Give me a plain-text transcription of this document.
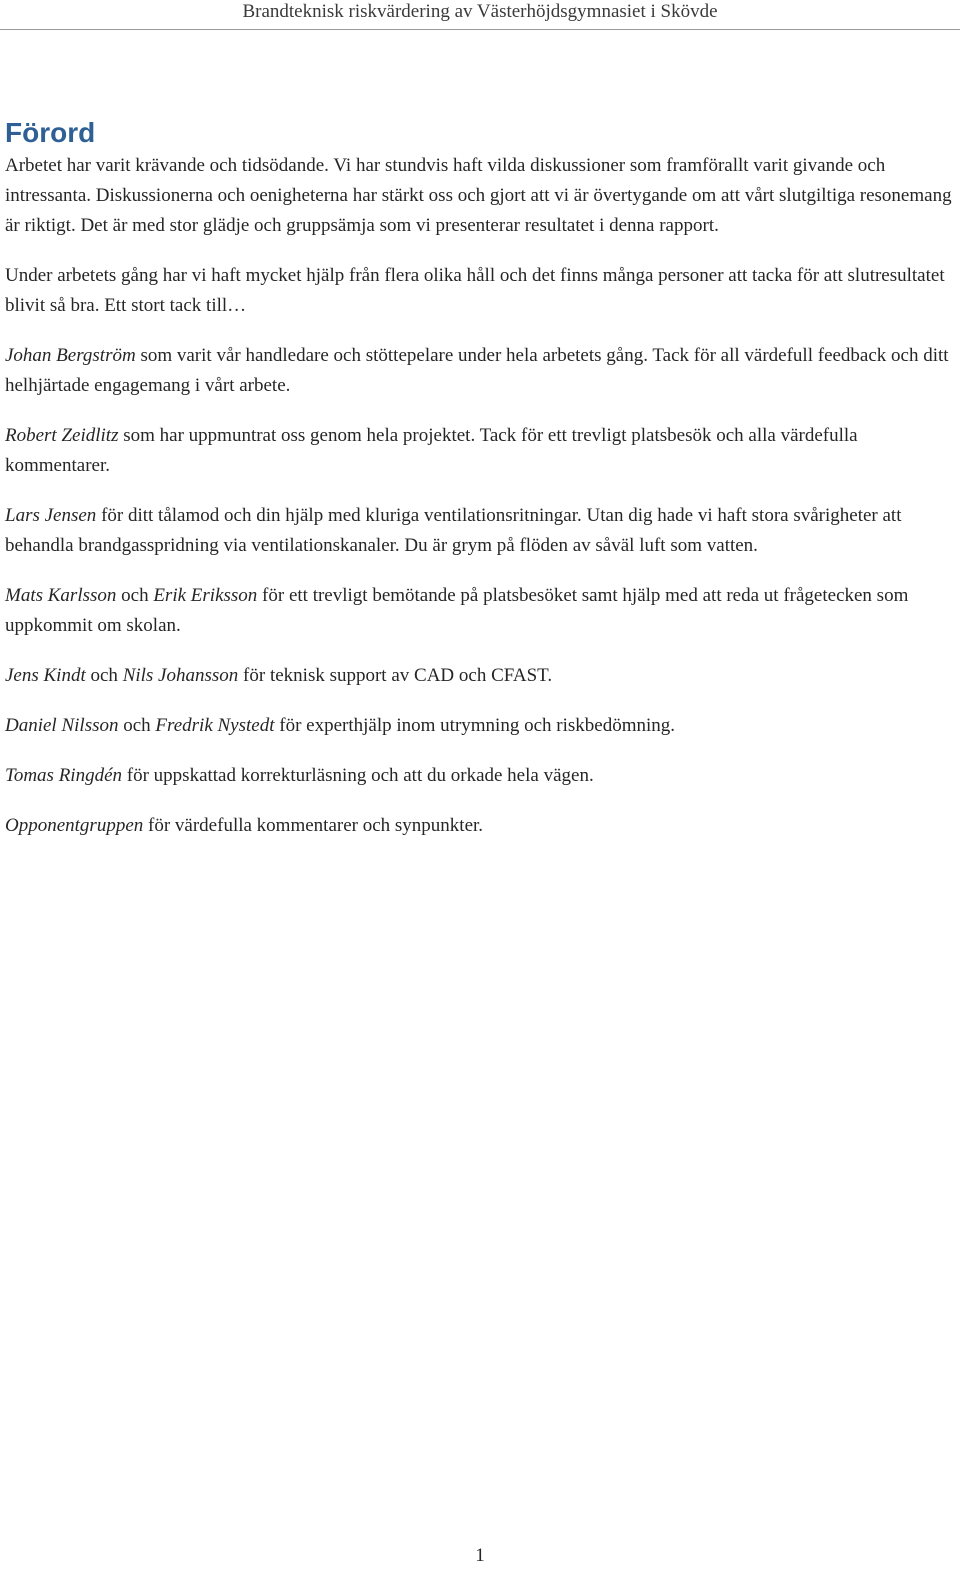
Brandteknisk riskvärdering av Västerhöjdsgymnasiet i Skövde
Förord

Arbetet har varit krävande och tidsödande. Vi har stundvis haft vilda diskussioner som framförallt varit givande och intressanta. Diskussionerna och oenigheterna har stärkt oss och gjort att vi är övertygande om att vårt slutgiltiga resonemang är riktigt. Det är med stor glädje och gruppsämja som vi presenterar resultatet i denna rapport.

Under arbetets gång har vi haft mycket hjälp från flera olika håll och det finns många personer att tacka för att slutresultatet blivit så bra. Ett stort tack till…

Johan Bergström som varit vår handledare och stöttepelare under hela arbetets gång. Tack för all värdefull feedback och ditt helhjärtade engagemang i vårt arbete.

Robert Zeidlitz som har uppmuntrat oss genom hela projektet. Tack för ett trevligt platsbesök och alla värdefulla kommentarer.

Lars Jensen för ditt tålamod och din hjälp med kluriga ventilationsritningar. Utan dig hade vi haft stora svårigheter att behandla brandgasspridning via ventilationskanaler. Du är grym på flöden av såväl luft som vatten.

Mats Karlsson och Erik Eriksson för ett trevligt bemötande på platsbesöket samt hjälp med att reda ut frågetecken som uppkommit om skolan.

Jens Kindt och Nils Johansson för teknisk support av CAD och CFAST.

Daniel Nilsson och Fredrik Nystedt för experthjälp inom utrymning och riskbedömning.

Tomas Ringdén för uppskattad korrekturläsning och att du orkade hela vägen.

Opponentgruppen för värdefulla kommentarer och synpunkter.

1
